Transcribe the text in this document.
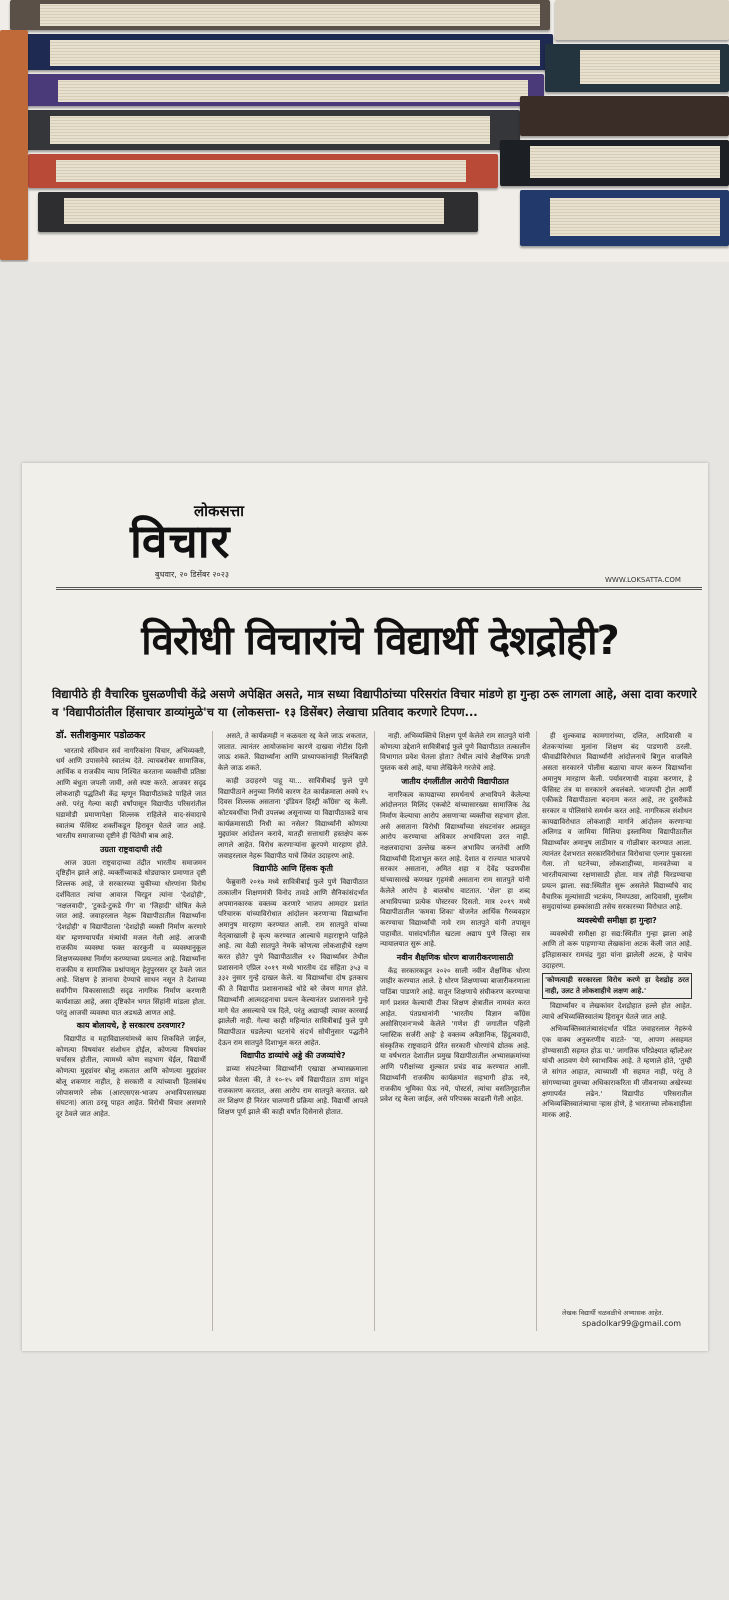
लोकसत्ता
विचार
बुधवार, २० डिसेंबर २०२३
WWW.LOKSATTA.COM
विरोधी विचारांचे विद्यार्थी देशद्रोही?
विद्यापीठे ही वैचारिक घुसळणीची केंद्रे असणे अपेक्षित असते, मात्र सध्या विद्यापीठांच्या परिसरांत विचार मांडणे हा गुन्हा ठरू लागला आहे, असा दावा करणारे व 'विद्यापीठांतील हिंसाचार डाव्यांमुळे'च या (लोकसत्ता- १३ डिसेंबर) लेखाचा प्रतिवाद करणारे टिपण...
डॉ. सतीशकुमार पडोळकर

भारताचे संविधान सर्व नागरिकांना विचार, अभिव्यक्ती, धर्म आणि उपासनेचे स्वातंत्र्य देते. त्याचबरोबर सामाजिक, आर्थिक व राजकीय न्याय निश्चित करताना व्यक्तीची प्रतिष्ठा आणि बंधुता जपली जावी, असे स्पष्ट करते. आजवर सदृढ लोकशाही पद्धतिशी केंद्र म्हणून विद्यापीठांकडे पाहिले जात असे. परंतु गेल्या काही वर्षांपासून विद्यापीठ परिसरांतील घडामोडी प्रमाणापेक्षा शिल्लक राहिलेले वाद-संवादाचे स्वातंत्र्य फॅसिस्ट शक्तींकडून हिरावून घेतले जात आहे. भारतीय समाजाच्या दृष्टीने ही चिंतेची बाब आहे.

उग्रता राष्ट्रवादाची तंदी

आज उग्रता राष्ट्रवादाच्या तंद्रीत भारतीय समाजमन दृष्टिहीन झाले आहे. व्यक्तींच्याकडे थोड्याफार प्रमाणात दृष्टी शिल्लक आहे, जे सरकारच्या चुकीच्या धोरणांना विरोध दर्शवितात त्यांचा आवाज चिरडून त्यांना 'देशद्रोही', 'नक्षलवादी', 'टुकडे-टुकडे गँग' वा 'जिहादी' घोषित केले जात आहे. जवाहरलाल नेहरू विद्यापीठातील विद्यार्थ्यांना 'देशद्रोही' व विद्यापीठाला 'देशद्रोही व्यक्ती निर्माण करणारे यंत्र' म्हणण्यापर्यंत मंत्र्यांची मजल गेली आहे. आजची राजकीय व्यवस्था फक्त कारकुनी व व्यवस्थानुकूल शिक्षणव्यवस्था निर्माण करण्याच्या प्रयत्नात आहे. विद्यार्थ्यांना राजकीय व सामाजिक प्रश्नांपासून हेतुपुरस्सर दूर ठेवले जात आहे. शिक्षण हे ज्ञानाचा देण्याचे साधन नसून ते देशाच्या सर्वांगीण विकासासाठी सदृढ नागरिक निर्माण करणारी कार्यशाळा आहे, असा दृष्टिकोन भगत सिंहांनी मांडला होता. परंतु आजची व्यवस्था यात अडथळे आणत आहे.

काय बोलायचे, हे सरकारच ठरवणार?

विद्यापीठ व महाविद्यालयांमध्ये काय शिकविले जाईल, कोणत्या विषयांवर संशोधन होईल, कोणत्या विषयांवर चर्चासत्र होतील, त्यामध्ये कोण सहभाग घेईल, विद्यार्थी कोणत्या मुद्द्यांवर बोलू शकतात आणि कोणत्या मुद्द्यांवर बोलू शकणार नाहीत, हे सरकारी व त्यांच्याशी हितसंबंध जोपासणारे लोक (आरएसएस-भाजप अभाविपसारख्या संघटना) आता ठरवू पाहत आहेत. विरोधी विचार असणारे दूर ठेवले जात आहेत.

असते, ते कार्यक्रमही न कळवता रद्द केले जाऊ शकतात, जातात. त्यानंतर आयोजकांना कारणे दाखवा नोटीस दिली जाऊ शकते. विद्यार्थ्यांना आणि प्राध्यापकांनाही निलंबितही केले जाऊ शकते.

काही उदाहरणे पाहू या... सावित्रीबाई फुले पुणे विद्यापीठाने अनुच्या निर्णये कारण देत कार्यक्रमाला अवघे १५ दिवस शिल्लक असताना 'इंडियन हिस्ट्री काँग्रेस' रद्द केली. कोटयवधींचा निधी उपलब्ध असूनाच्या या विद्यापीठाकडे याच कार्यक्रमासाठी निधी का नसेल? विद्यार्थ्यांनी कोणत्या मुद्द्यांवर आंदोलन करावे, यातही सत्ताधारी हस्तक्षेप करू लागले आहेत. विरोध करणाऱ्यांना क्रूरपणे मारहाण होते. जवाहरलाल नेहरू विद्यापीठ याचे जिवंत उदाहरण आहे.

विद्यापीठे आणि हिंसक कृती

फेब्रुवारी २०१७ मध्ये सावित्रीबाई फुले पुणे विद्यापीठात तत्कालीन शिक्षणमंत्री विनोद तावडे आणि सैनिकांसंदर्भात अपमानकारक वक्तव्य करणारे भाजप आमदार प्रशांत परिचारक यांच्याविरोधात आंदोलन करणाऱ्या विद्यार्थ्यांना अमानुष मारहाण करण्यात आली. राम सातपुते यांच्या नेतृत्वाखाली हे कृत्य करण्यात आल्याचे महाराष्ट्राने पाहिले आहे. त्या वेळी सातपुते नेमके कोणत्या लोकशाहीचे रक्षण करत होते? पुणे विद्यापीठातील १२ विद्यार्थ्यांवर तेथील प्रशासनाने एप्रिल २०१९ मध्ये भारतीय दंड संहिता ३५३ व ३३२ नुसार गुन्हे दाखल केले. या विद्यार्थ्यांचा दोष इतकाच की ते विद्यापीठ प्रशासनाकडे थोडे बरे जेवण मागत होते. विद्यार्थ्यांनी आत्मदहनाचा प्रयत्न केल्यानंतर प्रशासनाने गुन्हे मागे घेत असल्याचे पत्र दिले, परंतु अद्यापही त्यावर कारवाई झालेली नाही. गेल्या काही महिन्यांत सावित्रीबाई फुले पुणे विद्यापीठात घडलेल्या घटनांचे संदर्भ सोयीनुसार पद्धतीने देऊन राम सातपुते दिशाभूल करत आहेत.

विद्यापीठ डाव्यांचे अड्डे की उजव्यांचे?

डाव्या संघटनेच्या विद्यार्थ्यांनी एखाद्या अभ्यासक्रमाला प्रवेश घेतला की, ते १०-१५ वर्षे विद्यापीठात ठाण मांडून राजकारण करतात, असा आरोप राम सातपुते करतात. खरे तर शिक्षण ही निरंतर चालणारी प्रक्रिया आहे. विद्यार्थी आपले शिक्षण पूर्ण झाले की काही वर्षांत दिसेनासे होतात.

नाही. अभिव्यक्तिचे शिक्षण पूर्ण केलेले राम सातपुते यांनी कोणत्या उद्देशाने सावित्रीबाई फुले पुणे विद्यापीठात तत्कालीन विभागात प्रवेश घेतला होता? तेथील त्यांचे शैक्षणिक प्रगती पुस्तक कसे आहे, याचा लेखिकेने गरजेचे आहे.

जातीय दंगलींतील आरोपी विद्यापीठात

नागरिकत्व कायद्याच्या समर्थनार्थ अभाविपने केलेल्या आंदोलनात मिलिंद एकबोटे यांच्यासारख्या सामाजिक तेढ निर्माण केल्याचा आरोप असणाऱ्या व्यक्तीचा सहभाग होता. असे असताना विरोधी विद्यार्थ्यांच्या संघटनांवर अप्रस्तुत आरोप करण्याचा अधिकार अभाविपला उरत नाही. नक्षलवादाचा उल्लेख करून अभाविप जनतेची आणि विद्यार्थ्यांची दिशाभूल करत आहे. देशात व राज्यात भाजपचे सरकार असताना, अमित शहा व देवेंद्र फडणवीस यांच्यासारखे कणखर गृहमंत्री असताना राम सातपुते यांनी केलेले आरोप हे बालबोध वाटतात. 'शेल' हा शब्द अभाविपच्या प्रत्येक पोस्टरवर दिसतो. मात्र २०१९ मध्ये विद्यापीठातील 'कमवा शिका' योजनेत आर्थिक गैरव्यवहार करण्याचा विद्यार्थ्यांची नावे राम सातपुते यांनी तपासून पाहावीत. यासंदर्भातील खटला अद्याप पुणे जिल्हा सत्र न्यायालयात सुरू आहे.

नवीन शैक्षणिक धोरण बाजारीकरणासाठी

केंद्र सरकारकडून २०२० साली नवीन शैक्षणिक धोरण जाहीर करण्यात आले. हे धोरण शिक्षणाच्या बाजारीकरणाला पाठिंबा पाडणारे आहे. यातून शिक्षणाचे संघीकरण करण्याचा मार्ग प्रशस्त केल्याची टीका शिक्षण क्षेत्रातील नामवंत करत आहेत. पंतप्रधानांनी 'भारतीय विज्ञान काँग्रेस असोसिएशन'मध्ये केलेले 'गणेश ही जगातील पहिली प्लास्टिक सर्जरी आहे' हे वक्तव्य अवैज्ञानिक, हिंदुत्ववादी, संस्कृतिक राष्ट्रवादाने प्रेरित सरकारी धोरणांचे द्योतक आहे. या वर्षभरात देशातील प्रमुख विद्यापीठातील अभ्यासक्रमांच्या आणि परीक्षांच्या शुल्कात प्रचंड वाढ करण्यात आली. विद्यार्थ्यांनी राजकीय कार्यक्रमांत सहभागी होऊ नये, राजकीय भूमिका घेऊ नये, पोस्टर्स, त्यांचा वसतिगृहातील प्रवेश रद्द केला जाईल, असे परिपत्रक काढली गेली आहेत.

ही शुल्कवाढ कामगारांच्या, दलित, आदिवासी व शेतकऱ्यांच्या मुलांना शिक्षण बंद पाडणारी ठरली. फीवाढीविरोधात विद्यार्थ्यांनी आंदोलनाचे बिगुल वाजविले असता सरकारने पोलीस बळाचा वापर करून विद्यार्थ्यांना अमानुष मारहाण केली. पर्यावरणाची वाहवा करणार, हे फॅसिस्ट तंत्र या सरकारने अवलंबले. भाजपची ट्रोल आर्मी एकीकडे विद्यापीठाला बदनाम करत आहे, तर दुसरीकडे सरकार व पोलिसांचे समर्थन करत आहे. नागरिकत्व संशोधन कायद्याविरोधात लोकशाही मार्गाने आंदोलन करणाऱ्या अलिगड व जामिया मिलिया इस्लामिया विद्यापीठातील विद्यार्थ्यांवर अमानुष लाठीमार व गोळीबार करण्यात आला. त्यानंतर देशभरात सरकारविरोधात विरोधाचा एल्गार पुकारला गेला. तो घटनेच्या, लोकशाहीच्या, मानवतेच्या व भारतीयत्वाच्या रक्षणासाठी होता. मात्र तोही चिरडण्याचा प्रयत्न झाला. सद्य:स्थितीत सुरू असलेले विद्यार्थ्यांचे वाद वैचारिक मूल्यांसाठी भटकंय, निमपठ्या, आदिवासी, मुस्लीम समुदायांच्या हक्कांसाठी तसेच सरकारच्या विरोधात आहे.

व्यवस्थेची समीक्षा हा गुन्हा?

व्यवस्थेची समीक्षा हा सद्य:स्थितीत गुन्हा झाला आहे आणि तो करू पाहणाऱ्या लेखकांना अटक केली जात आहे. इतिहासकार रामचंद्र गुहा यांना झालेली अटक, हे याचेच उदाहरण.

'कोणत्याही सरकारला विरोध करणे हा देशद्रोह ठरत नाही, उलट ते लोकशाहीचे लक्षण आहे.'

विद्यार्थ्यांवर व लेखकांवर देशद्रोहात हल्ले होत आहेत. त्याचे अभिव्यक्तिस्वातंत्र्य हिरावून घेतले जात आहे.

अभिव्यक्तिस्वातंत्र्यासंदर्भात पंडित जवाहरलाल नेहरूंचे एक वाक्य अनुकरणीय वाटते- 'या, आपण असहमत होण्यासाठी सहमत होऊ या.' जागतिक परिप्रेक्ष्यात व्हॉल्टेअर यांची आठवण येणे स्वाभाविक आहे. ते म्हणाले होते, 'तुम्ही जे सांगत आहात, त्याच्याशी मी सहमत नाही, परंतु ते सांगण्याच्या तुमच्या अधिकाराकरिता मी जीवनाच्या अखेरच्या क्षणापर्यंत लढेन.' विद्यापीठ परिसरातील अभिव्यक्तिस्वातंत्र्याचा ऱ्हास होणे, हे भारताच्या लोकशाहीला मारक आहे.

लेखक विद्यार्थी चळवळीचे अभ्यासक आहेत.
spadolkar99@gmail.com
